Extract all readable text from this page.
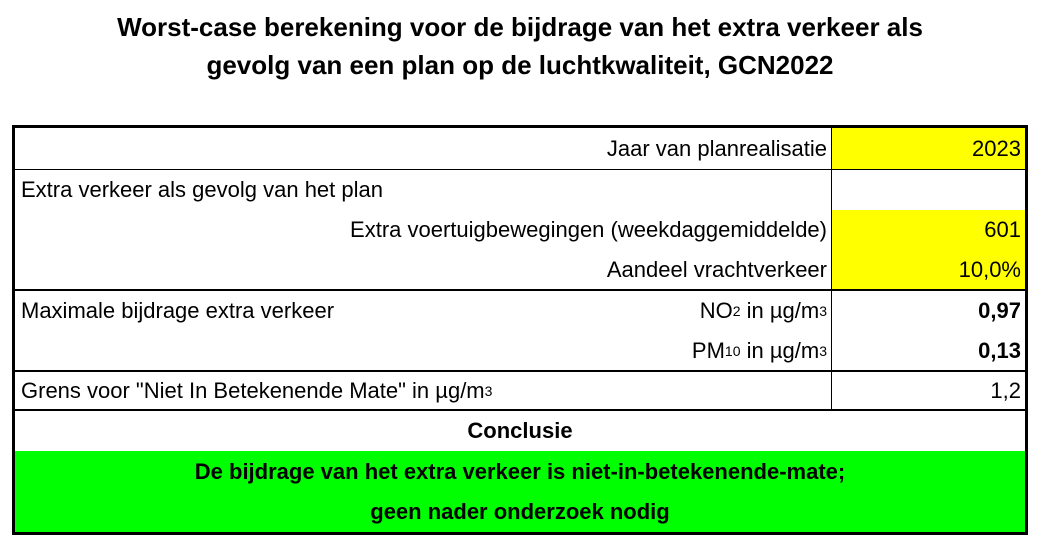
Worst-case berekening voor de bijdrage van het extra verkeer als
gevolg van een plan op de luchtkwaliteit, GCN2022
Jaar van planrealisatie	2023
Extra verkeer als gevolg van het plan
Extra voertuigbewegingen (weekdaggemiddelde)	601
Aandeel vrachtverkeer	10,0%
Maximale bijdrage extra verkeer	NO 2 in µg/m 3	0,97
PM 10 in µg/m 3	0,13
Grens voor "Niet In Betekenende Mate" in µg/m 3	1,2
Conclusie
De bijdrage van het extra verkeer is niet-in-betekenende-mate;
geen nader onderzoek nodig
